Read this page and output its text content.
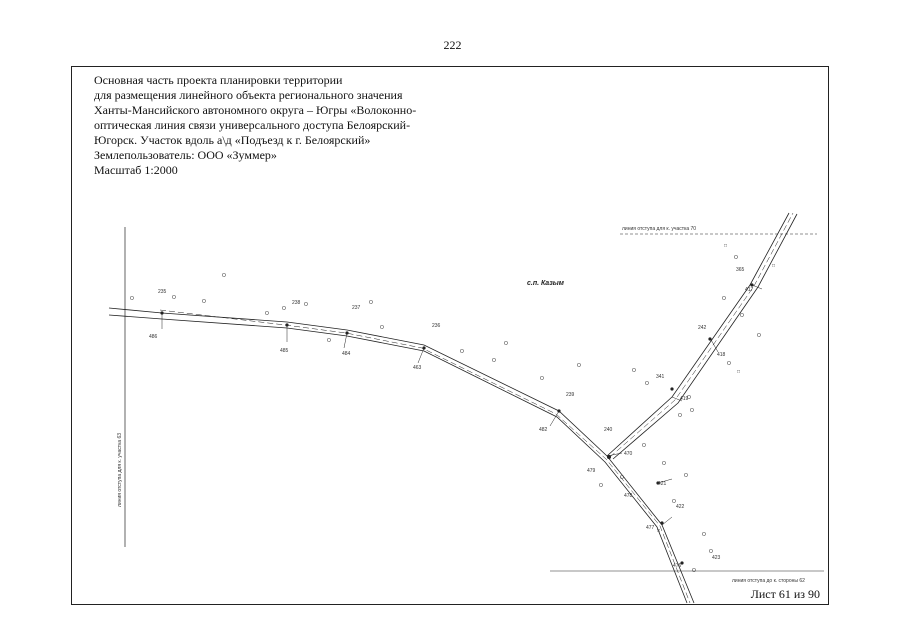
222
Основная часть проекта планировки территории
для размещения линейного объекта регионального значения
Ханты-Мансийского автономного округа – Югры «Волоконно-
оптическая линия связи универсального доступа Белоярский-
Югорск. Участок вдоль а\д «Подъезд к г. Белоярский»
Землепользователь: ООО «Зуммер»
Масштаб 1:2000
O	O
O
O
O
O
O
O
O
O
O
O
O
O
O
O
O
O
O
O
O
O
O
O
O
O
O
O
O
O
O
O
O
O
□
□
□
□
235
238
237
236
239
240
341
242
365
486
485	484
463
482
470
479
478
421
477
422
423
476
419
418
417
с.п. Казым
линия отступа для к. участка 70
линия отступа до к. стороны 62
линия отступа для к. участка 63
Лист 61 из 90
